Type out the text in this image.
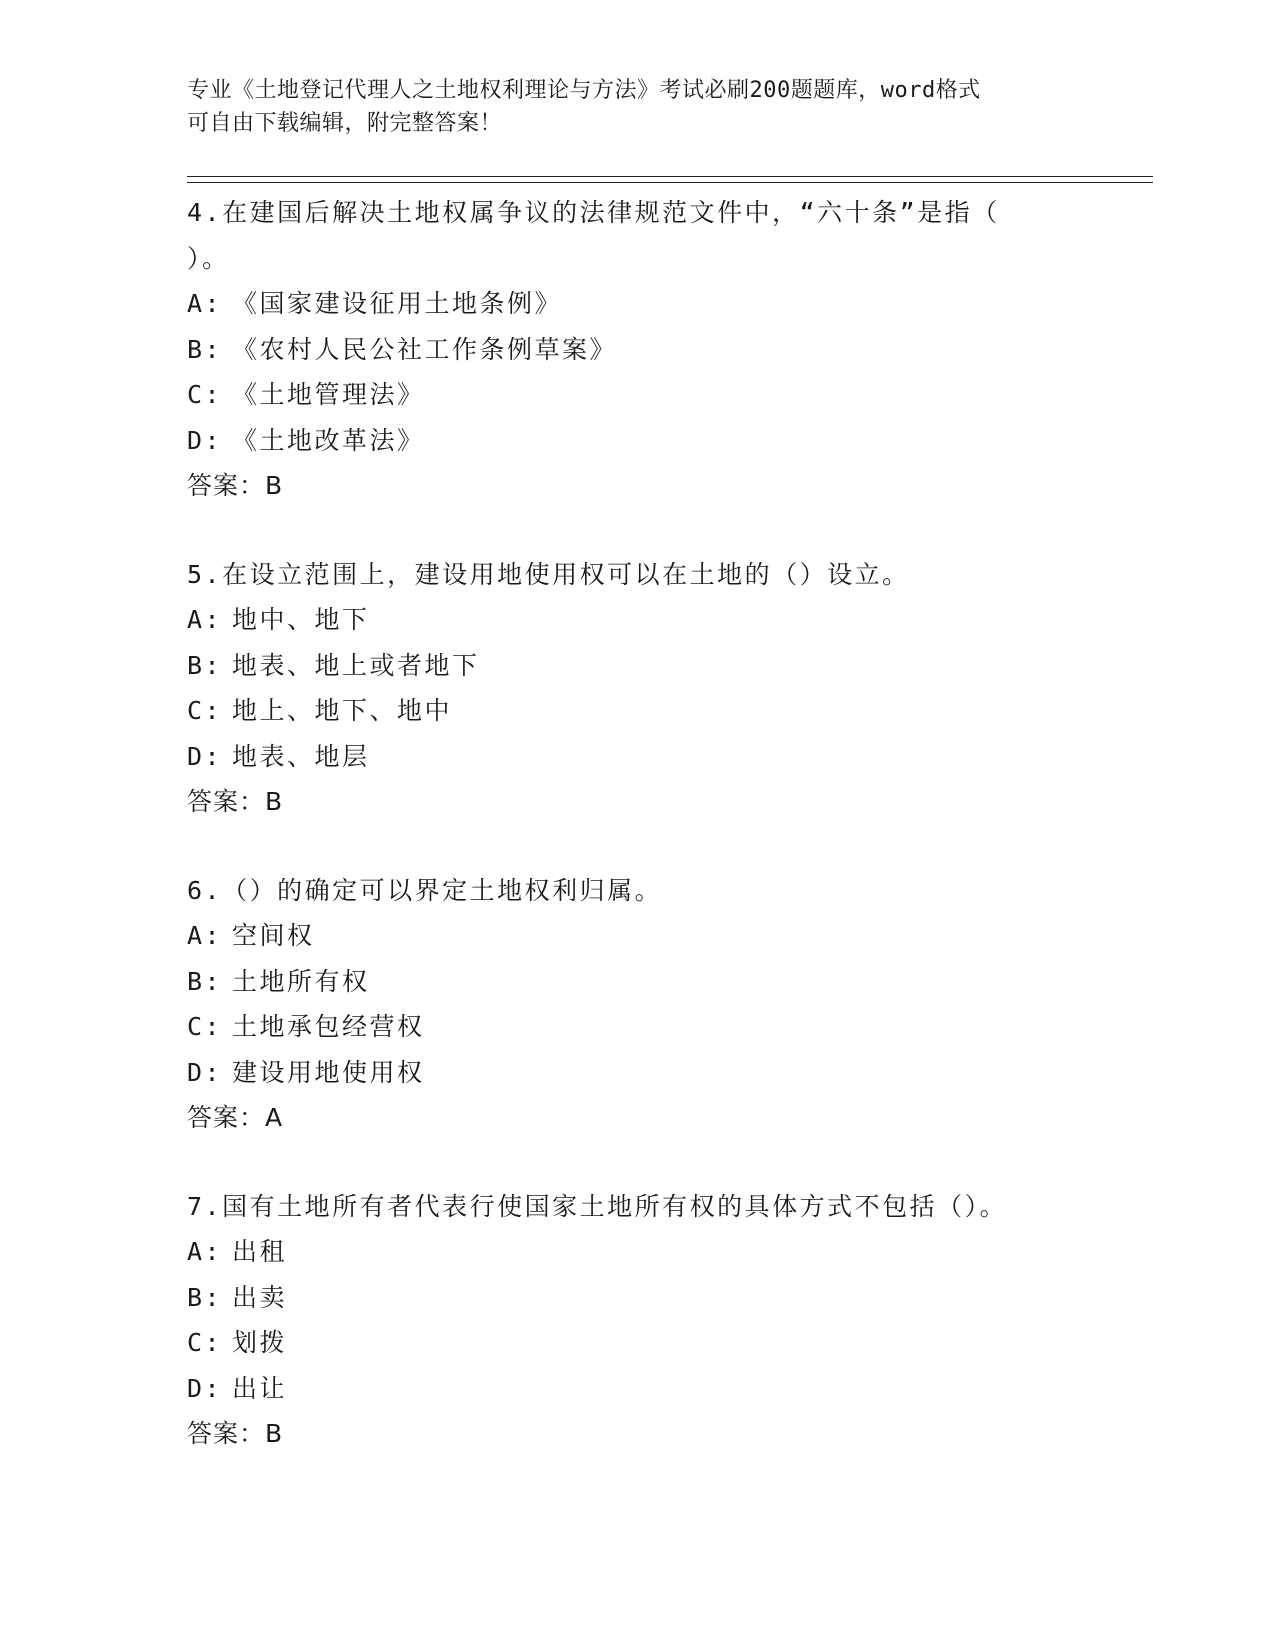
专业《土地登记代理人之土地权利理论与方法》考试必刷200题题库，word格式
可自由下载编辑，附完整答案！
4.在建国后解决土地权属争议的法律规范文件中，“六十条”是指（
）。
A: 《国家建设征用土地条例》
B: 《农村人民公社工作条例草案》
C: 《土地管理法》
D: 《土地改革法》
答案：B
5.在设立范围上，建设用地使用权可以在土地的（）设立。
A: 地中、地下
B: 地表、地上或者地下
C: 地上、地下、地中
D: 地表、地层
答案：B
6.（）的确定可以界定土地权利归属。
A: 空间权
B: 土地所有权
C: 土地承包经营权
D: 建设用地使用权
答案：A
7.国有土地所有者代表行使国家土地所有权的具体方式不包括（）。
A: 出租
B: 出卖
C: 划拨
D: 出让
答案：B
